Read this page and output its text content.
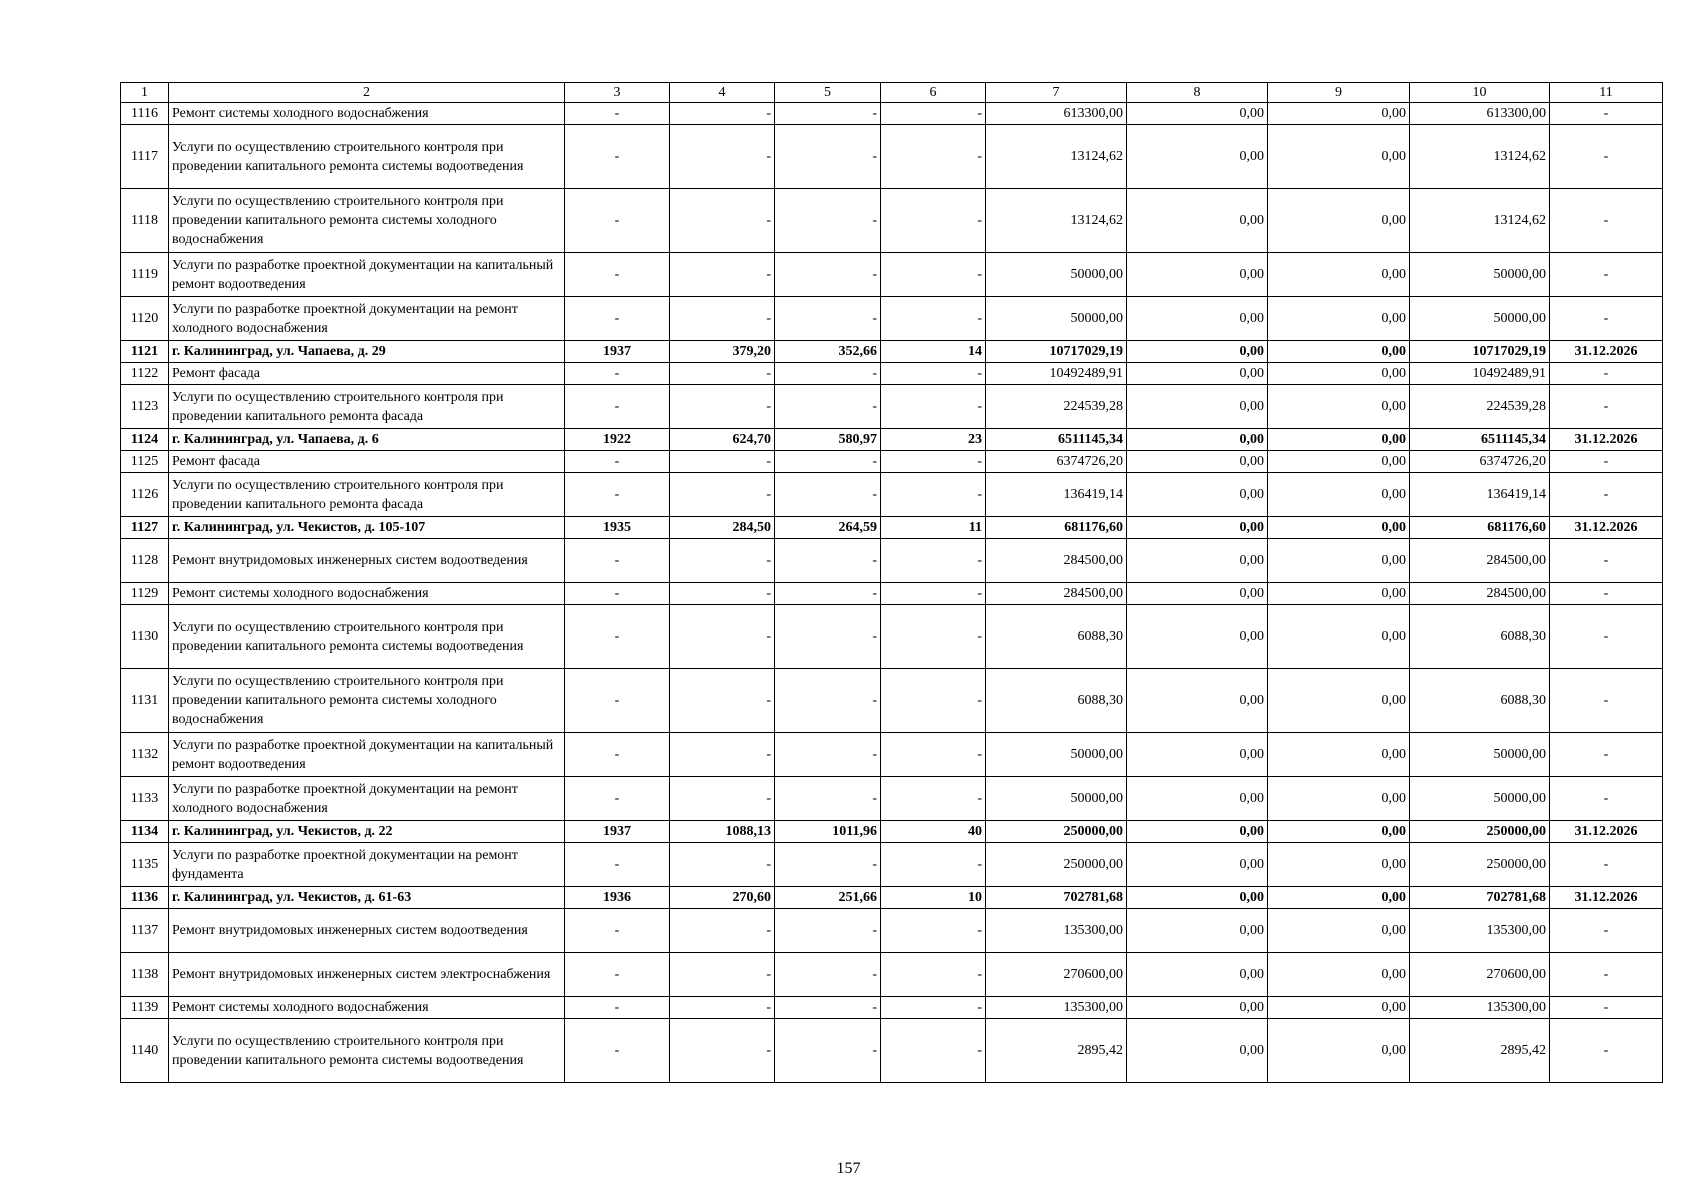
1	2	3	4	5	6	7	8	9	10	11
1116	Ремонт системы холодного водоснабжения	-	-	-	-	613300,00	0,00	0,00	613300,00	-
1117	Услуги по осуществлению строительного контроля при проведении капитального ремонта системы водоотведения	-	-	-	-	13124,62	0,00	0,00	13124,62	-
1118	Услуги по осуществлению строительного контроля при проведении капитального ремонта системы холодного водоснабжения	-	-	-	-	13124,62	0,00	0,00	13124,62	-
1119	Услуги по разработке проектной документации на капитальный ремонт водоотведения	-	-	-	-	50000,00	0,00	0,00	50000,00	-
1120	Услуги по разработке проектной документации на ремонт холодного водоснабжения	-	-	-	-	50000,00	0,00	0,00	50000,00	-
1121	г. Калининград, ул. Чапаева, д. 29	1937	379,20	352,66	14	10717029,19	0,00	0,00	10717029,19	31.12.2026
1122	Ремонт фасада	-	-	-	-	10492489,91	0,00	0,00	10492489,91	-
1123	Услуги по осуществлению строительного контроля при проведении капитального ремонта фасада	-	-	-	-	224539,28	0,00	0,00	224539,28	-
1124	г. Калининград, ул. Чапаева, д. 6	1922	624,70	580,97	23	6511145,34	0,00	0,00	6511145,34	31.12.2026
1125	Ремонт фасада	-	-	-	-	6374726,20	0,00	0,00	6374726,20	-
1126	Услуги по осуществлению строительного контроля при проведении капитального ремонта фасада	-	-	-	-	136419,14	0,00	0,00	136419,14	-
1127	г. Калининград, ул. Чекистов, д. 105-107	1935	284,50	264,59	11	681176,60	0,00	0,00	681176,60	31.12.2026
1128	Ремонт внутридомовых инженерных систем водоотведения	-	-	-	-	284500,00	0,00	0,00	284500,00	-
1129	Ремонт системы холодного водоснабжения	-	-	-	-	284500,00	0,00	0,00	284500,00	-
1130	Услуги по осуществлению строительного контроля при проведении капитального ремонта системы водоотведения	-	-	-	-	6088,30	0,00	0,00	6088,30	-
1131	Услуги по осуществлению строительного контроля при проведении капитального ремонта системы холодного водоснабжения	-	-	-	-	6088,30	0,00	0,00	6088,30	-
1132	Услуги по разработке проектной документации на капитальный ремонт водоотведения	-	-	-	-	50000,00	0,00	0,00	50000,00	-
1133	Услуги по разработке проектной документации на ремонт холодного водоснабжения	-	-	-	-	50000,00	0,00	0,00	50000,00	-
1134	г. Калининград, ул. Чекистов, д. 22	1937	1088,13	1011,96	40	250000,00	0,00	0,00	250000,00	31.12.2026
1135	Услуги по разработке проектной документации на ремонт фундамента	-	-	-	-	250000,00	0,00	0,00	250000,00	-
1136	г. Калининград, ул. Чекистов, д. 61-63	1936	270,60	251,66	10	702781,68	0,00	0,00	702781,68	31.12.2026
1137	Ремонт внутридомовых инженерных систем водоотведения	-	-	-	-	135300,00	0,00	0,00	135300,00	-
1138	Ремонт внутридомовых инженерных систем электроснабжения	-	-	-	-	270600,00	0,00	0,00	270600,00	-
1139	Ремонт системы холодного водоснабжения	-	-	-	-	135300,00	0,00	0,00	135300,00	-
1140	Услуги по осуществлению строительного контроля при проведении капитального ремонта системы водоотведения	-	-	-	-	2895,42	0,00	0,00	2895,42	-
157
